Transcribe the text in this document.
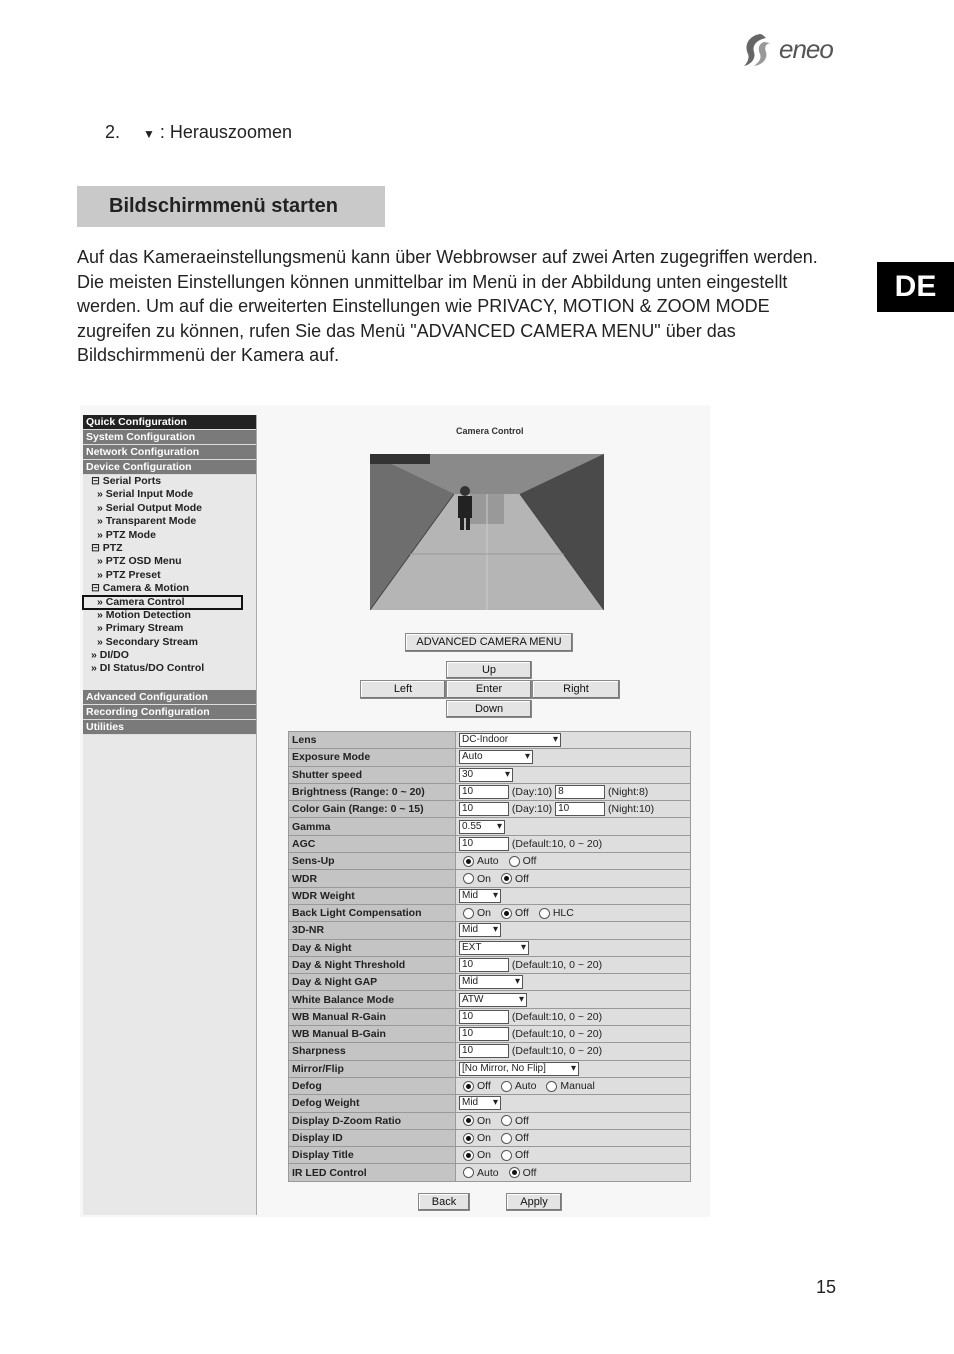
eneo
2. ▼ : Herauszoomen
Bildschirmmenü starten

Auf das Kameraeinstellungsmenü kann über Webbrowser auf zwei Arten zugegriffen werden. Die meisten Einstellungen können unmittelbar im Menü in der Abbildung unten eingestellt werden. Um auf die erweiterten Einstellungen wie PRIVACY, MOTION & ZOOM MODE zugreifen zu können, rufen Sie das Menü "ADVANCED CAMERA MENU" über das Bildschirmmenü der Kamera auf.

DE
Quick Configuration
System Configuration
Network Configuration
Device Configuration
⊟ Serial Ports
» Serial Input Mode
» Serial Output Mode
» Transparent Mode
» PTZ Mode
⊟ PTZ
» PTZ OSD Menu
» PTZ Preset
⊟ Camera & Motion
» Camera Control
» Motion Detection
» Primary Stream
» Secondary Stream
» DI/DO
» DI Status/DO Control
Advanced Configuration
Recording Configuration
Utilities
Camera Control
ADVANCED CAMERA MENU
Up
Left	Enter	Right
Down
Lens	DC-Indoor ▾
Exposure Mode	Auto ▾
Shutter speed	30 ▾
Brightness (Range: 0 ~ 20)	10 (Day:10) 8 (Night:8)
Color Gain (Range: 0 ~ 15)	10 (Day:10) 10 (Night:10)
Gamma	0.55 ▾
AGC	10 (Default:10, 0 ~ 20)
Sens-Up	Auto Off
WDR	On Off
WDR Weight	Mid ▾
Back Light Compensation	On Off HLC
3D-NR	Mid ▾
Day & Night	EXT ▾
Day & Night Threshold	10 (Default:10, 0 ~ 20)
Day & Night GAP	Mid ▾
White Balance Mode	ATW ▾
WB Manual R-Gain	10 (Default:10, 0 ~ 20)
WB Manual B-Gain	10 (Default:10, 0 ~ 20)
Sharpness	10 (Default:10, 0 ~ 20)
Mirror/Flip	[No Mirror, No Flip] ▾
Defog	Off Auto Manual
Defog Weight	Mid ▾
Display D-Zoom Ratio	On Off
Display ID	On Off
Display Title	On Off
IR LED Control	Auto Off
Back	Apply
15
